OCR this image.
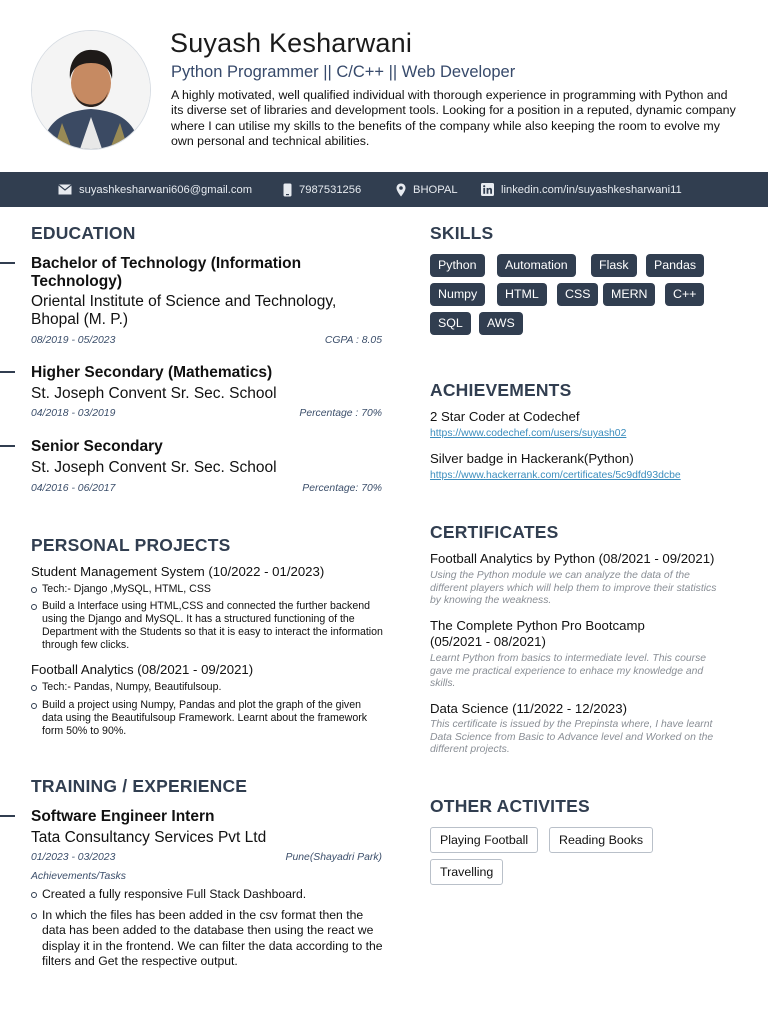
Suyash Kesharwani
Python Programmer || C/C++ || Web Developer
A highly motivated, well qualified individual with thorough experience in programming with Python and its diverse set of libraries and development tools. Looking for a position in a reputed, dynamic company where I can utilise my skills to the benefits of the company while also keeping the room to evolve my own personal and technical abilities.
suyashkesharwani606@gmail.com	7987531256	BHOPAL	linkedin.com/in/suyashkesharwani11
EDUCATION
Bachelor of Technology (Information Technology)
Oriental Institute of Science and Technology, Bhopal (M. P.)
08/2019 - 05/2023	CGPA : 8.05
Higher Secondary (Mathematics)
St. Joseph Convent Sr. Sec. School
04/2018 - 03/2019	Percentage : 70%
Senior Secondary
St. Joseph Convent Sr. Sec. School
04/2016 - 06/2017	Percentage: 70%
PERSONAL PROJECTS
Student Management System (10/2022 - 01/2023)
Tech:- Django ,MySQL, HTML, CSS
Build a Interface using HTML,CSS and connected the further backend using the Django and MySQL. It has a structured functioning of the Department with the Students so that it is easy to interact the information through few clicks.
Football Analytics (08/2021 - 09/2021)
Tech:- Pandas, Numpy, Beautifulsoup.
Build a project using Numpy, Pandas and plot the graph of the given data using the Beautifulsoup Framework. Learnt about the framework form 50% to 90%.
TRAINING / EXPERIENCE
Software Engineer Intern
Tata Consultancy Services Pvt Ltd
01/2023 - 03/2023	Pune(Shayadri Park)
Achievements/Tasks
Created a fully responsive Full Stack Dashboard.
In which the files has been added in the csv format then the data has been added to the database then using the react we display it in the frontend. We can filter the data according to the filters and Get the respective output.
SKILLS
Python	Automation	Flask	Pandas
Numpy	HTML	CSS	MERN	C++
SQL	AWS
ACHIEVEMENTS
2 Star Coder at Codechef
https://www.codechef.com/users/suyash02
Silver badge in Hackerank(Python)
https://www.hackerrank.com/certificates/5c9dfd93dcbe
CERTIFICATES
Football Analytics by Python (08/2021 - 09/2021)
Using the Python module we can analyze the data of the different players which will help them to improve their statistics by knowing the weakness.
The Complete Python Pro Bootcamp (05/2021 - 08/2021)
Learnt Python from basics to intermediate level. This course gave me practical experience to enhace my knowledge and skills.
Data Science (11/2022 - 12/2023)
This certificate is issued by the Prepinsta where, I have learnt Data Science from Basic to Advance level and Worked on the different projects.
OTHER ACTIVITES
Playing Football	Reading Books
Travelling
